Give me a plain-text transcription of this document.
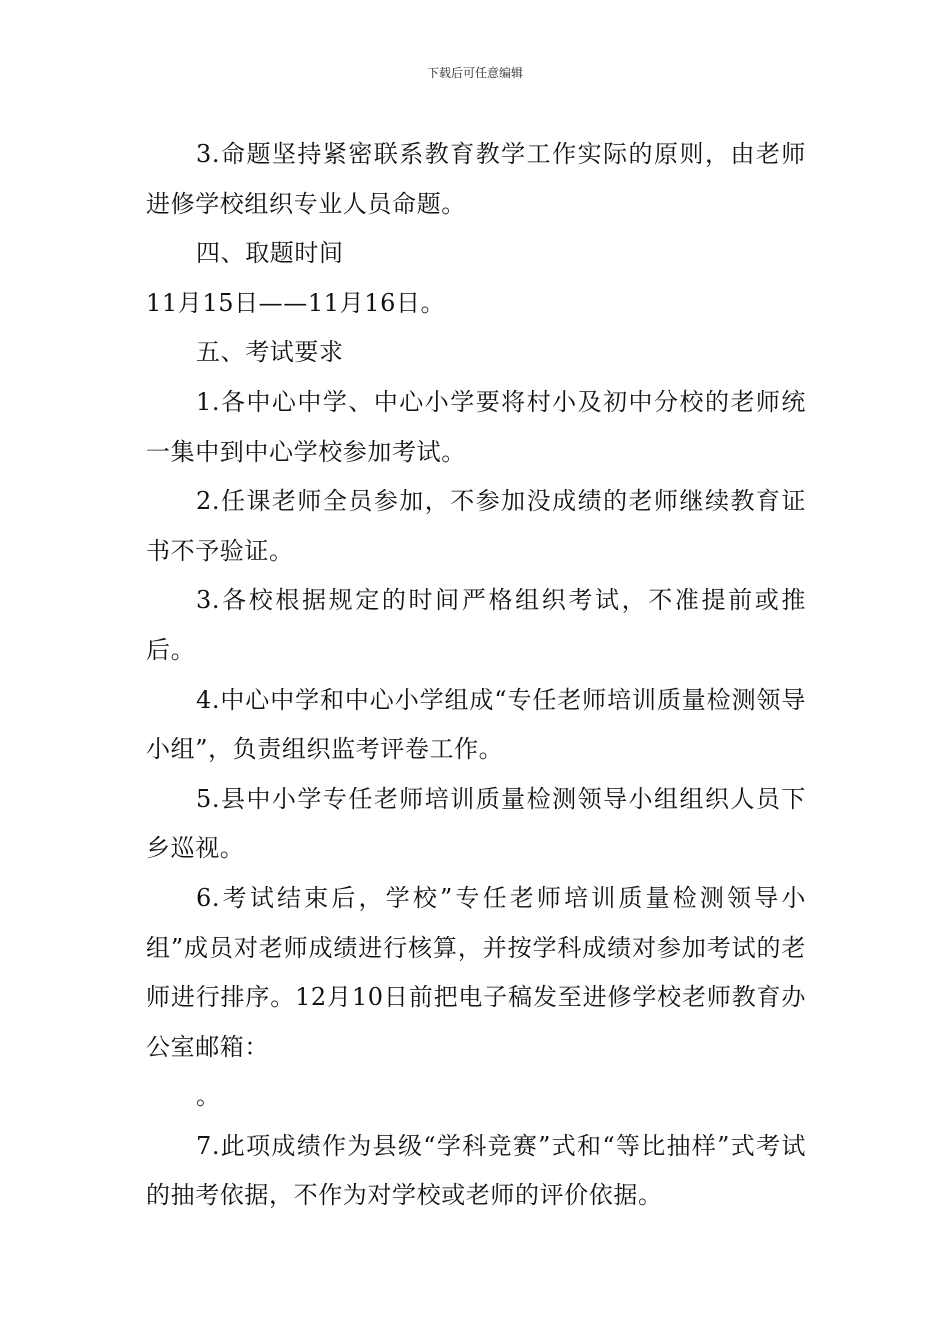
下载后可任意编辑

3.命题坚持紧密联系教育教学工作实际的原则，由老师进修学校组织专业人员命题。

四、取题时间

11月15日——11月16日。

五、考试要求

1.各中心中学、中心小学要将村小及初中分校的老师统一集中到中心学校参加考试。

2.任课老师全员参加，不参加没成绩的老师继续教育证书不予验证。

3.各校根据规定的时间严格组织考试，不准提前或推后。

4.中心中学和中心小学组成“专任老师培训质量检测领导小组”，负责组织监考评卷工作。

5.县中小学专任老师培训质量检测领导小组组织人员下乡巡视。

6.考试结束后，学校”专任老师培训质量检测领导小组”成员对老师成绩进行核算，并按学科成绩对参加考试的老师进行排序。12月10日前把电子稿发至进修学校老师教育办公室邮箱：

。

7.此项成绩作为县级“学科竞赛”式和“等比抽样”式考试的抽考依据，不作为对学校或老师的评价依据。
